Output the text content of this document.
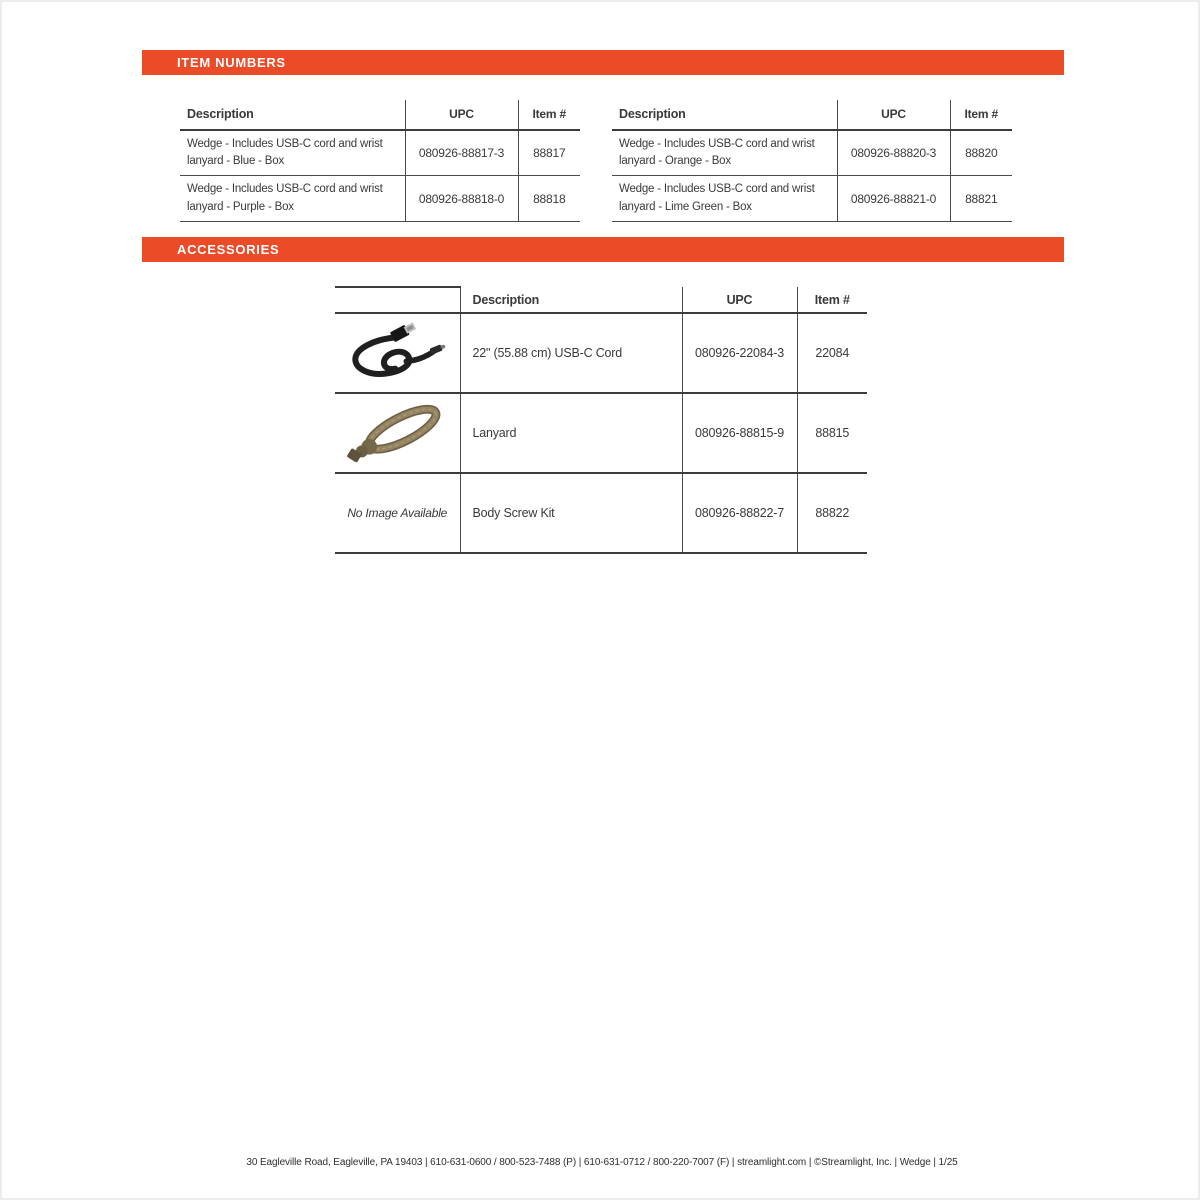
ITEM NUMBERS
Description	UPC	Item #
Wedge - Includes USB-C cord and wrist lanyard - Blue - Box	080926-88817-3	88817
Wedge - Includes USB-C cord and wrist lanyard - Purple - Box	080926-88818-0	88818
Description	UPC	Item #
Wedge - Includes USB-C cord and wrist lanyard - Orange - Box	080926-88820-3	88820
Wedge - Includes USB-C cord and wrist lanyard - Lime Green - Box	080926-88821-0	88821
ACCESSORIES
	Description	UPC	Item #
	22" (55.88 cm) USB-C Cord	080926-22084-3	22084
	Lanyard	080926-88815-9	88815
No Image Available	Body Screw Kit	080926-88822-7	88822
30 Eagleville Road, Eagleville, PA 19403 | 610-631-0600 / 800-523-7488 (P) | 610-631-0712 / 800-220-7007 (F) | streamlight.com | ©Streamlight, Inc. | Wedge | 1/25
